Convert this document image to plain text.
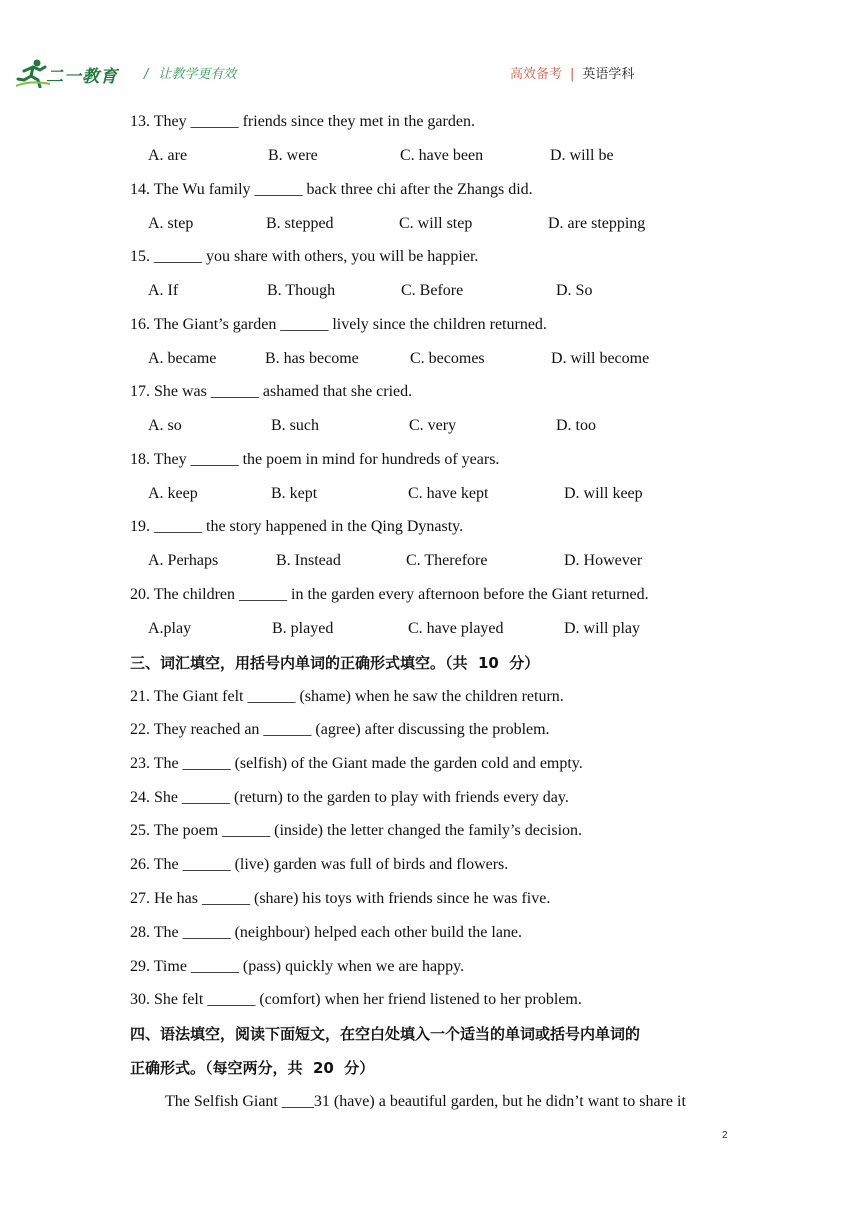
二一教育 / 让教学更有效	高效备考 | 英语学科
13. They ______ friends since they met in the garden.
A. are	B. were	C. have been	D. will be
14. The Wu family ______ back three chi after the Zhangs did.
A. step	B. stepped	C. will step	D. are stepping
15. ______ you share with others, you will be happier.
A. If	B. Though	C. Before	D. So
16. The Giant’s garden ______ lively since the children returned.
A. became	B. has become	C. becomes	D. will become
17. She was ______ ashamed that she cried.
A. so	B. such	C. very	D. too
18. They ______ the poem in mind for hundreds of years.
A. keep	B. kept	C. have kept	D. will keep
19. ______ the story happened in the Qing Dynasty.
A. Perhaps	B. Instead	C. Therefore	D. However
20. The children ______ in the garden every afternoon before the Giant returned.
A.play	B. played	C. have played	D. will play
三、词汇填空，用括号内单词的正确形式填空。（共  10  分）
21. The Giant felt ______ (shame) when he saw the children return.
22. They reached an ______ (agree) after discussing the problem.
23. The ______ (selfish) of the Giant made the garden cold and empty.
24. She ______ (return) to the garden to play with friends every day.
25. The poem ______ (inside) the letter changed the family’s decision.
26. The ______ (live) garden was full of birds and flowers.
27. He has ______ (share) his toys with friends since he was five.
28. The ______ (neighbour) helped each other build the lane.
29. Time ______ (pass) quickly when we are happy.
30. She felt ______ (comfort) when her friend listened to her problem.
四、语法填空，阅读下面短文，在空白处填入一个适当的单词或括号内单词的
正确形式。（每空两分，共  20  分）
The Selfish Giant ____31 (have) a beautiful garden, but he didn’t want to share it
2
